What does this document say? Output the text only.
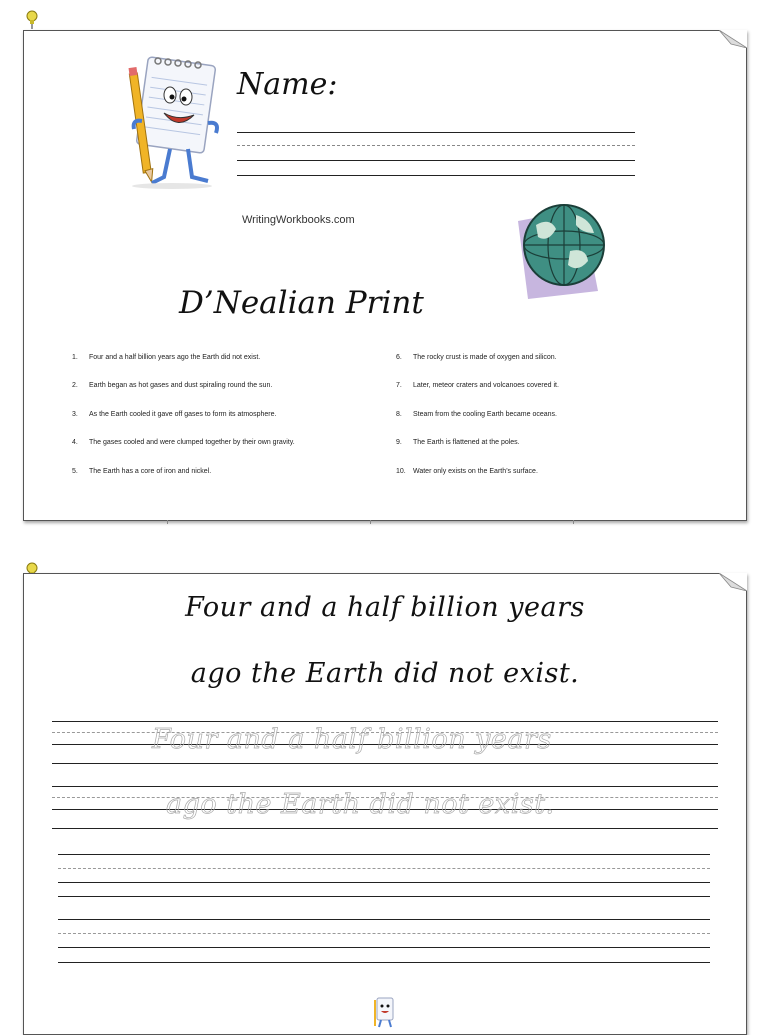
Name:
WritingWorkbooks.com
D’Nealian Print
1. Four and a half billion years ago the Earth did not exist.
2. Earth began as hot gases and dust spiraling round the sun.
3. As the Earth cooled it gave off gases to form its atmosphere.
4. The gases cooled and were clumped together by their own gravity.
5. The Earth has a core of iron and nickel.
6. The rocky crust is made of oxygen and silicon.
7. Later, meteor craters and volcanoes covered it.
8. Steam from the cooling Earth became oceans.
9. The Earth is flattened at the poles.
10. Water only exists on the Earth’s surface.
Four and a half billion years
ago the Earth did not exist.
Four and a half billion years
ago the Earth did not exist.
